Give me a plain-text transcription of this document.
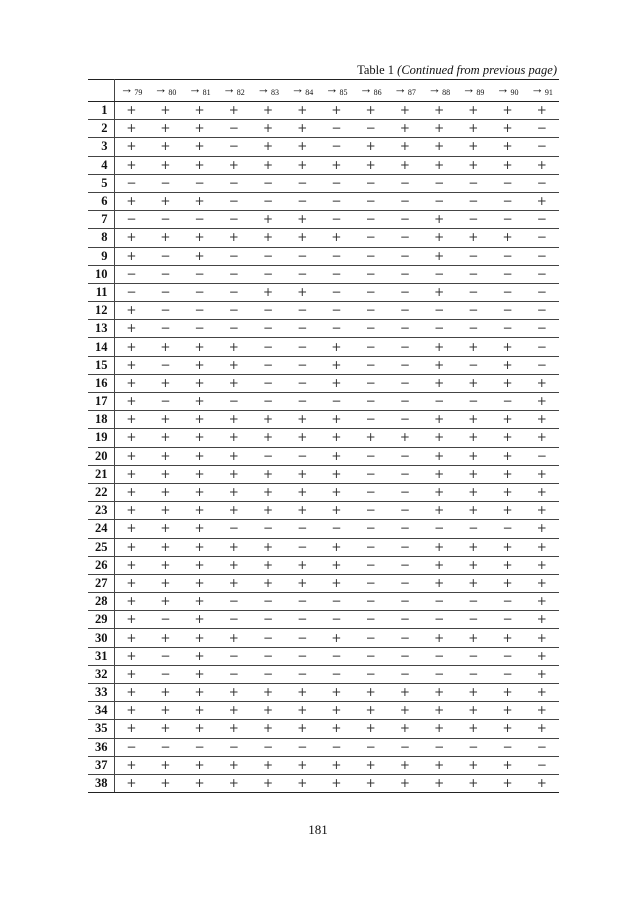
Table 1 (Continued from previous page)
	$\to_{79}$	$\to_{80}$	$\to_{81}$	$\to_{82}$	$\to_{83}$	$\to_{84}$	$\to_{85}$	$\to_{86}$	$\to_{87}$	$\to_{88}$	$\to_{89}$	$\to_{90}$	$\to_{91}$
1	+	+	+	+	+	+	+	+	+	+	+	+	+
2	+	+	+	−	+	+	−	−	+	+	+	+	−
3	+	+	+	−	+	+	−	+	+	+	+	+	−
4	+	+	+	+	+	+	+	+	+	+	+	+	+
5	−	−	−	−	−	−	−	−	−	−	−	−	−
6	+	+	+	−	−	−	−	−	−	−	−	−	+
7	−	−	−	−	+	+	−	−	−	+	−	−	−
8	+	+	+	+	+	+	+	−	−	+	+	+	−
9	+	−	+	−	−	−	−	−	−	+	−	−	−
10	−	−	−	−	−	−	−	−	−	−	−	−	−
11	−	−	−	−	+	+	−	−	−	+	−	−	−
12	+	−	−	−	−	−	−	−	−	−	−	−	−
13	+	−	−	−	−	−	−	−	−	−	−	−	−
14	+	+	+	+	−	−	+	−	−	+	+	+	−
15	+	−	+	+	−	−	+	−	−	+	−	+	−
16	+	+	+	+	−	−	+	−	−	+	+	+	+
17	+	−	+	−	−	−	−	−	−	−	−	−	+
18	+	+	+	+	+	+	+	−	−	+	+	+	+
19	+	+	+	+	+	+	+	+	+	+	+	+	+
20	+	+	+	+	−	−	+	−	−	+	+	+	−
21	+	+	+	+	+	+	+	−	−	+	+	+	+
22	+	+	+	+	+	+	+	−	−	+	+	+	+
23	+	+	+	+	+	+	+	−	−	+	+	+	+
24	+	+	+	−	−	−	−	−	−	−	−	−	+
25	+	+	+	+	+	−	+	−	−	+	+	+	+
26	+	+	+	+	+	+	+	−	−	+	+	+	+
27	+	+	+	+	+	+	+	−	−	+	+	+	+
28	+	+	+	−	−	−	−	−	−	−	−	−	+
29	+	−	+	−	−	−	−	−	−	−	−	−	+
30	+	+	+	+	−	−	+	−	−	+	+	+	+
31	+	−	+	−	−	−	−	−	−	−	−	−	+
32	+	−	+	−	−	−	−	−	−	−	−	−	+
33	+	+	+	+	+	+	+	+	+	+	+	+	+
34	+	+	+	+	+	+	+	+	+	+	+	+	+
35	+	+	+	+	+	+	+	+	+	+	+	+	+
36	−	−	−	−	−	−	−	−	−	−	−	−	−
37	+	+	+	+	+	+	+	+	+	+	+	+	−
38	+	+	+	+	+	+	+	+	+	+	+	+	+
181
